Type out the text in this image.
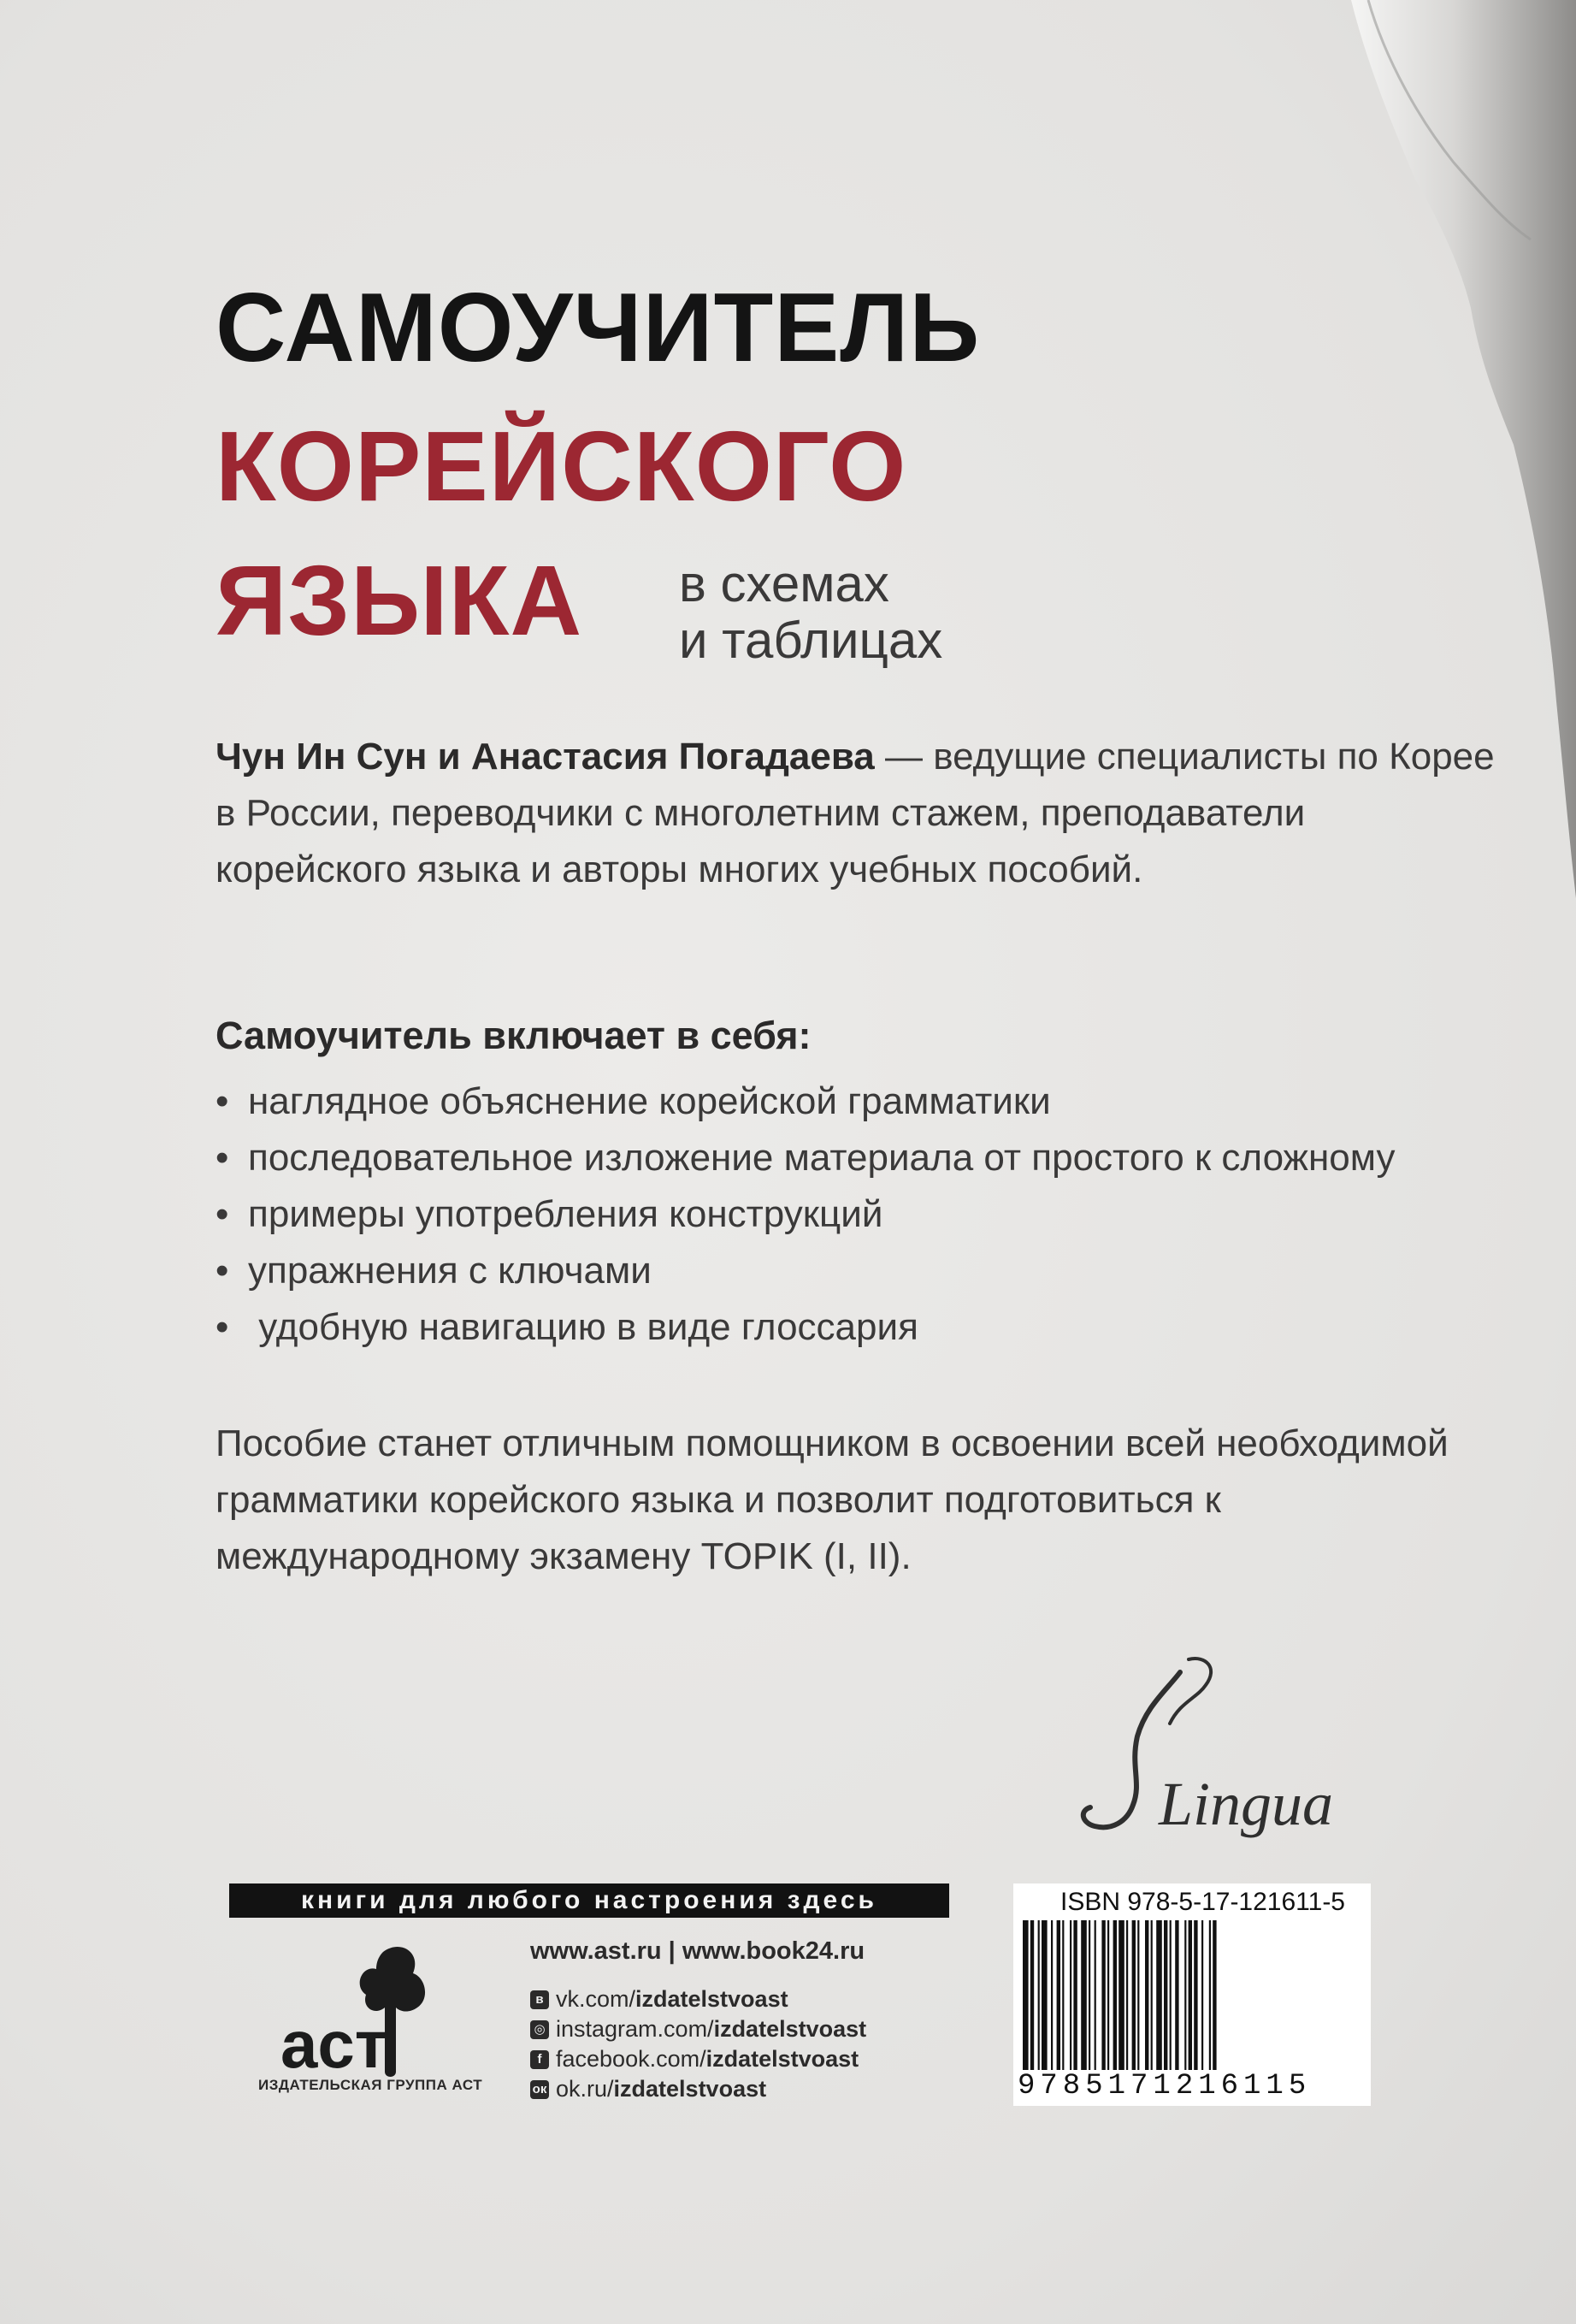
САМОУЧИТЕЛЬ
КОРЕЙСКОГО
ЯЗЫКА в схемах
и таблицах
Чун Ин Сун и Анастасия Погадаева — ведущие специалисты по Корее в России, переводчики с многолетним стажем, преподаватели корейского языка и авторы многих учебных пособий.
Самоучитель включает в себя:
• наглядное объяснение корейской грамматики
• последовательное изложение материала от простого к сложному
• примеры употребления конструкций
• упражнения с ключами
• удобную навигацию в виде глоссария
Пособие станет отличным помощником в освоении всей необходимой грамматики корейского языка и позволит подготовиться к международному экзамену TOPIK (I, II).
Lingua
книги для любого настроения здесь
аст
ИЗДАТЕЛЬСКАЯ ГРУППА АСТ
www.ast.ru | www.book24.ru
в vk.com/ izdatelstvoast
◎ instagram.com/ izdatelstvoast
f facebook.com/ izdatelstvoast
ок ok.ru/ izdatelstvoast
ISBN 978-5-17-121611-5
9785171216115
